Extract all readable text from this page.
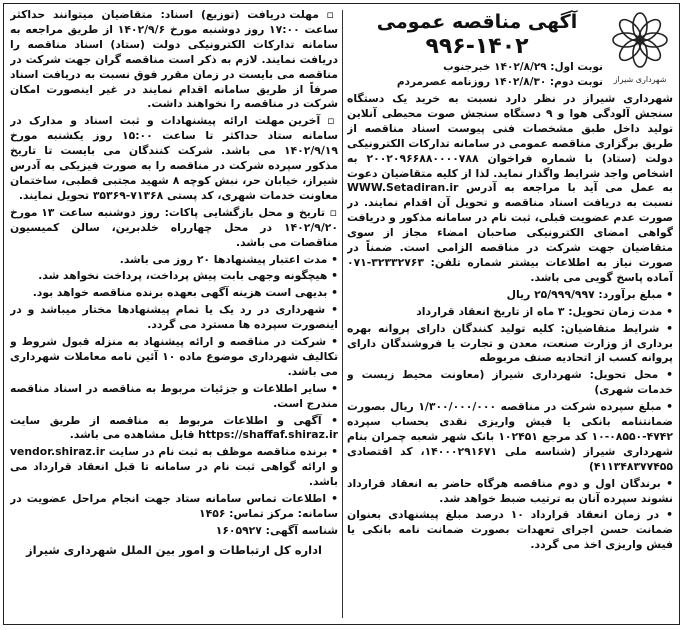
شهرداری شیراز
آگهی مناقصه عمومی
۹۹۶-۱۴۰۲
نوبت اول: ۱۴۰۲/۸/۲۹ خبرجنوب
نوبت دوم: ۱۴۰۲/۸/۳۰ روزنامه عصرمردم

شهرداری شیراز در نظر دارد نسبت به خرید یک دستگاه سنجش آلودگی هوا و ۹ دستگاه سنجش صوت محیطی آنلاین تولید داخل طبق مشخصات فنی پیوست اسناد مناقصه از طریق برگزاری مناقصه عمومی در سامانه تدارکات الکترونیکی دولت (ستاد) با شماره فراخوان ۲۰۰۲۰۹۶۶۸۸۰۰۰۰۷۸۸ به اشخاص واجد شرایط واگذار نماید. لذا از کلیه متقاضیان دعوت به عمل می آید با مراجعه به آدرس WWW.Setadiran.ir نسبت به دریافت اسناد مناقصه و تحویل آن اقدام نمایند. در صورت عدم عضویت قبلی، ثبت نام در سامانه مذکور و دریافت گواهی امضای الکترونیکی صاحبان امضاء مجاز از سوی متقاضیان جهت شرکت در مناقصه الزامی است. ضمناً در صورت نیاز به اطلاعات بیشتر شماره تلفن: ۳۲۳۳۲۷۶۳-۰۷۱ آماده پاسخ گویی می باشد.

• مبلغ برآورد: ۲۵/۹۹۹/۹۹۷ ریال

• مدت زمان تحویل: ۳ ماه از تاریخ انعقاد قرارداد

• شرایط متقاضیان: کلیه تولید کنندگان دارای پروانه بهره برداری از وزارت صنعت، معدن و تجارت یا فروشندگان دارای پروانه کسب از اتحادیه صنف مربوطه

• محل تحویل: شهرداری شیراز (معاونت محیط زیست و خدمات شهری)

• مبلغ سپرده شرکت در مناقصه ۱/۳۰۰/۰۰۰/۰۰۰ ریال بصورت ضمانتنامه بانکی یا فیش واریزی نقدی بحساب سپرده ۴۷۴۲-۰۸۵۵۰-۱۰ کد مرجع ۱۰۲۴۵۱ بانک شهر شعبه چمران بنام شهرداری شیراز (شناسه ملی ۱۴۰۰۰۲۹۱۶۷۱، کد اقتصادی ۴۱۱۳۴۸۳۷۷۴۵۵)

• برندگان اول و دوم مناقصه هرگاه حاضر به انعقاد قرارداد نشوند سپرده آنان به ترتیب ضبط خواهد شد.

• در زمان انعقاد قرارداد ۱۰ درصد مبلغ پیشنهادی بعنوان ضمانت حسن اجرای تعهدات بصورت ضمانت نامه بانکی یا فیش واریزی اخذ می گردد.

▫ مهلت دریافت (توزیع) اسناد: متقاضیان میتوانند حداکثر ساعت ۱۷:۰۰ روز دوشنبه مورخ ۱۴۰۲/۹/۶ از طریق مراجعه به سامانه تدارکات الکترونیکی دولت (ستاد) اسناد مناقصه را دریافت نمایند. لازم به ذکر است مناقصه گران جهت شرکت در مناقصه می بایست در زمان مقرر فوق نسبت به دریافت اسناد صرفاً از طریق سامانه اقدام نمایند در غیر اینصورت امکان شرکت در مناقصه را نخواهند داشت.

▫ آخرین مهلت ارائه پیشنهادات و ثبت اسناد و مدارک در سامانه ستاد حداکثر تا ساعت ۱۵:۰۰ روز یکشنبه مورخ ۱۴۰۲/۹/۱۹ می باشد. شرکت کنندگان می بایست تا تاریخ مذکور سپرده شرکت در مناقصه را به صورت فیزیکی به آدرس شیراز، خیابان حر، نبش کوچه ۸ شهید مجتبی قطبی، ساختمان معاونت خدمات شهری، کد پستی ۷۱۳۶۸-۳۵۳۶۹ تحویل نمایند.

▫ تاریخ و محل بازگشایی پاکات: روز دوشنبه ساعت ۱۳ مورخ ۱۴۰۲/۹/۲۰ در محل چهارراه خلدبرین، سالن کمیسیون مناقصات می باشد.

• مدت اعتبار پیشنهادها ۲۰ روز می باشد.

• هیچگونه وجهی بابت پیش پرداخت، پرداخت نخواهد شد.

• بدیهی است هزینه آگهی بعهده برنده مناقصه خواهد بود.

• شهرداری در رد یک یا تمام پیشنهادها مختار میباشد و در اینصورت سپرده ها مسترد می گردد.

• شرکت در مناقصه و ارائه پیشنهاد به منزله قبول شروط و تکالیف شهرداری موضوع ماده ۱۰ آئین نامه معاملات شهرداری می باشد.

• سایر اطلاعات و جزئیات مربوط به مناقصه در اسناد مناقصه مندرج است.

• آگهی و اطلاعات مربوط به مناقصه از طریق سایت https://shaffaf.shiraz.ir قابل مشاهده می باشد.

• برنده مناقصه موظف به ثبت نام در سایت vendor.shiraz.ir و ارائه گواهی ثبت نام در سامانه تا قبل انعقاد قرارداد می باشد.

• اطلاعات تماس سامانه ستاد جهت انجام مراحل عضویت در سامانه: مرکز تماس: ۱۴۵۶

شناسه آگهی: ۱۶۰۵۹۲۷

اداره کل ارتباطات و امور بین الملل شهرداری شیراز
